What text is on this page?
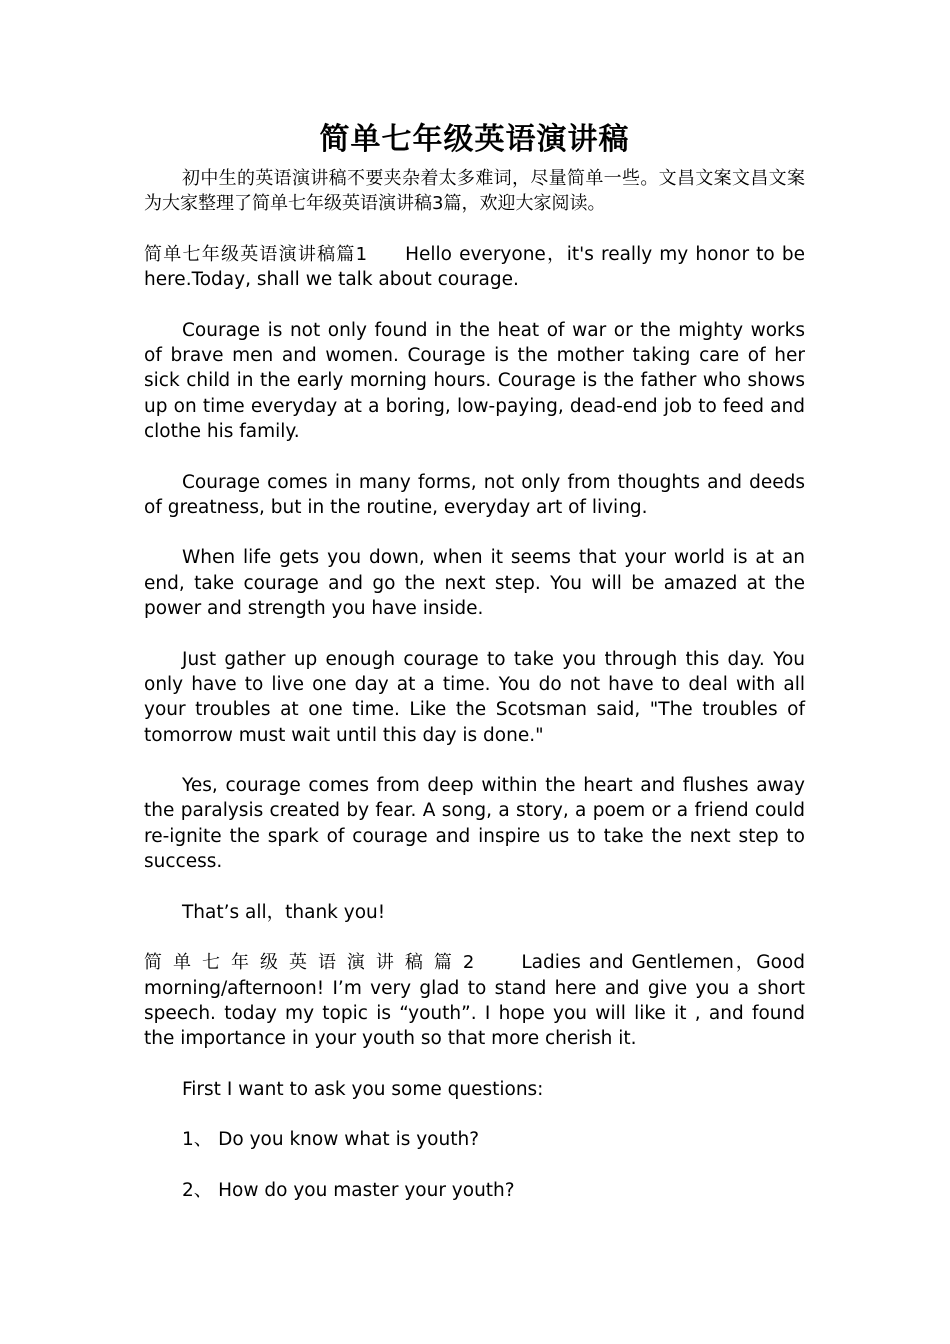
简单七年级英语演讲稿

初中生的英语演讲稿不要夹杂着太多难词，尽量简单一些。文昌文案文昌文案为大家整理了简单七年级英语演讲稿3篇，欢迎大家阅读。

简单七年级英语演讲稿篇1 Hello everyone，it's really my honor to be here.Today, shall we talk about courage.

Courage is not only found in the heat of war or the mighty works of brave men and women. Courage is the mother taking care of her sick child in the early morning hours. Courage is the father who shows up on time everyday at a boring, low-paying, dead-end job to feed and clothe his family.

Courage comes in many forms, not only from thoughts and deeds of greatness, but in the routine, everyday art of living.

When life gets you down, when it seems that your world is at an end, take courage and go the next step. You will be amazed at the power and strength you have inside.

Just gather up enough courage to take you through this day. You only have to live one day at a time. You do not have to deal with all your troubles at one time. Like the Scotsman said, "The troubles of tomorrow must wait until this day is done."

Yes, courage comes from deep within the heart and flushes away the paralysis created by fear. A song, a story, a poem or a friend could re-ignite the spark of courage and inspire us to take the next step to success.

That’s all，thank you!

简单七年级英语演讲稿篇2 Ladies and Gentlemen，Good morning/afternoon! I’m very glad to stand here and give you a short speech. today my topic is “youth”. I hope you will like it , and found the importance in your youth so that more cherish it.

First I want to ask you some questions:

1、 Do you know what is youth?
2、 How do you master your youth?
